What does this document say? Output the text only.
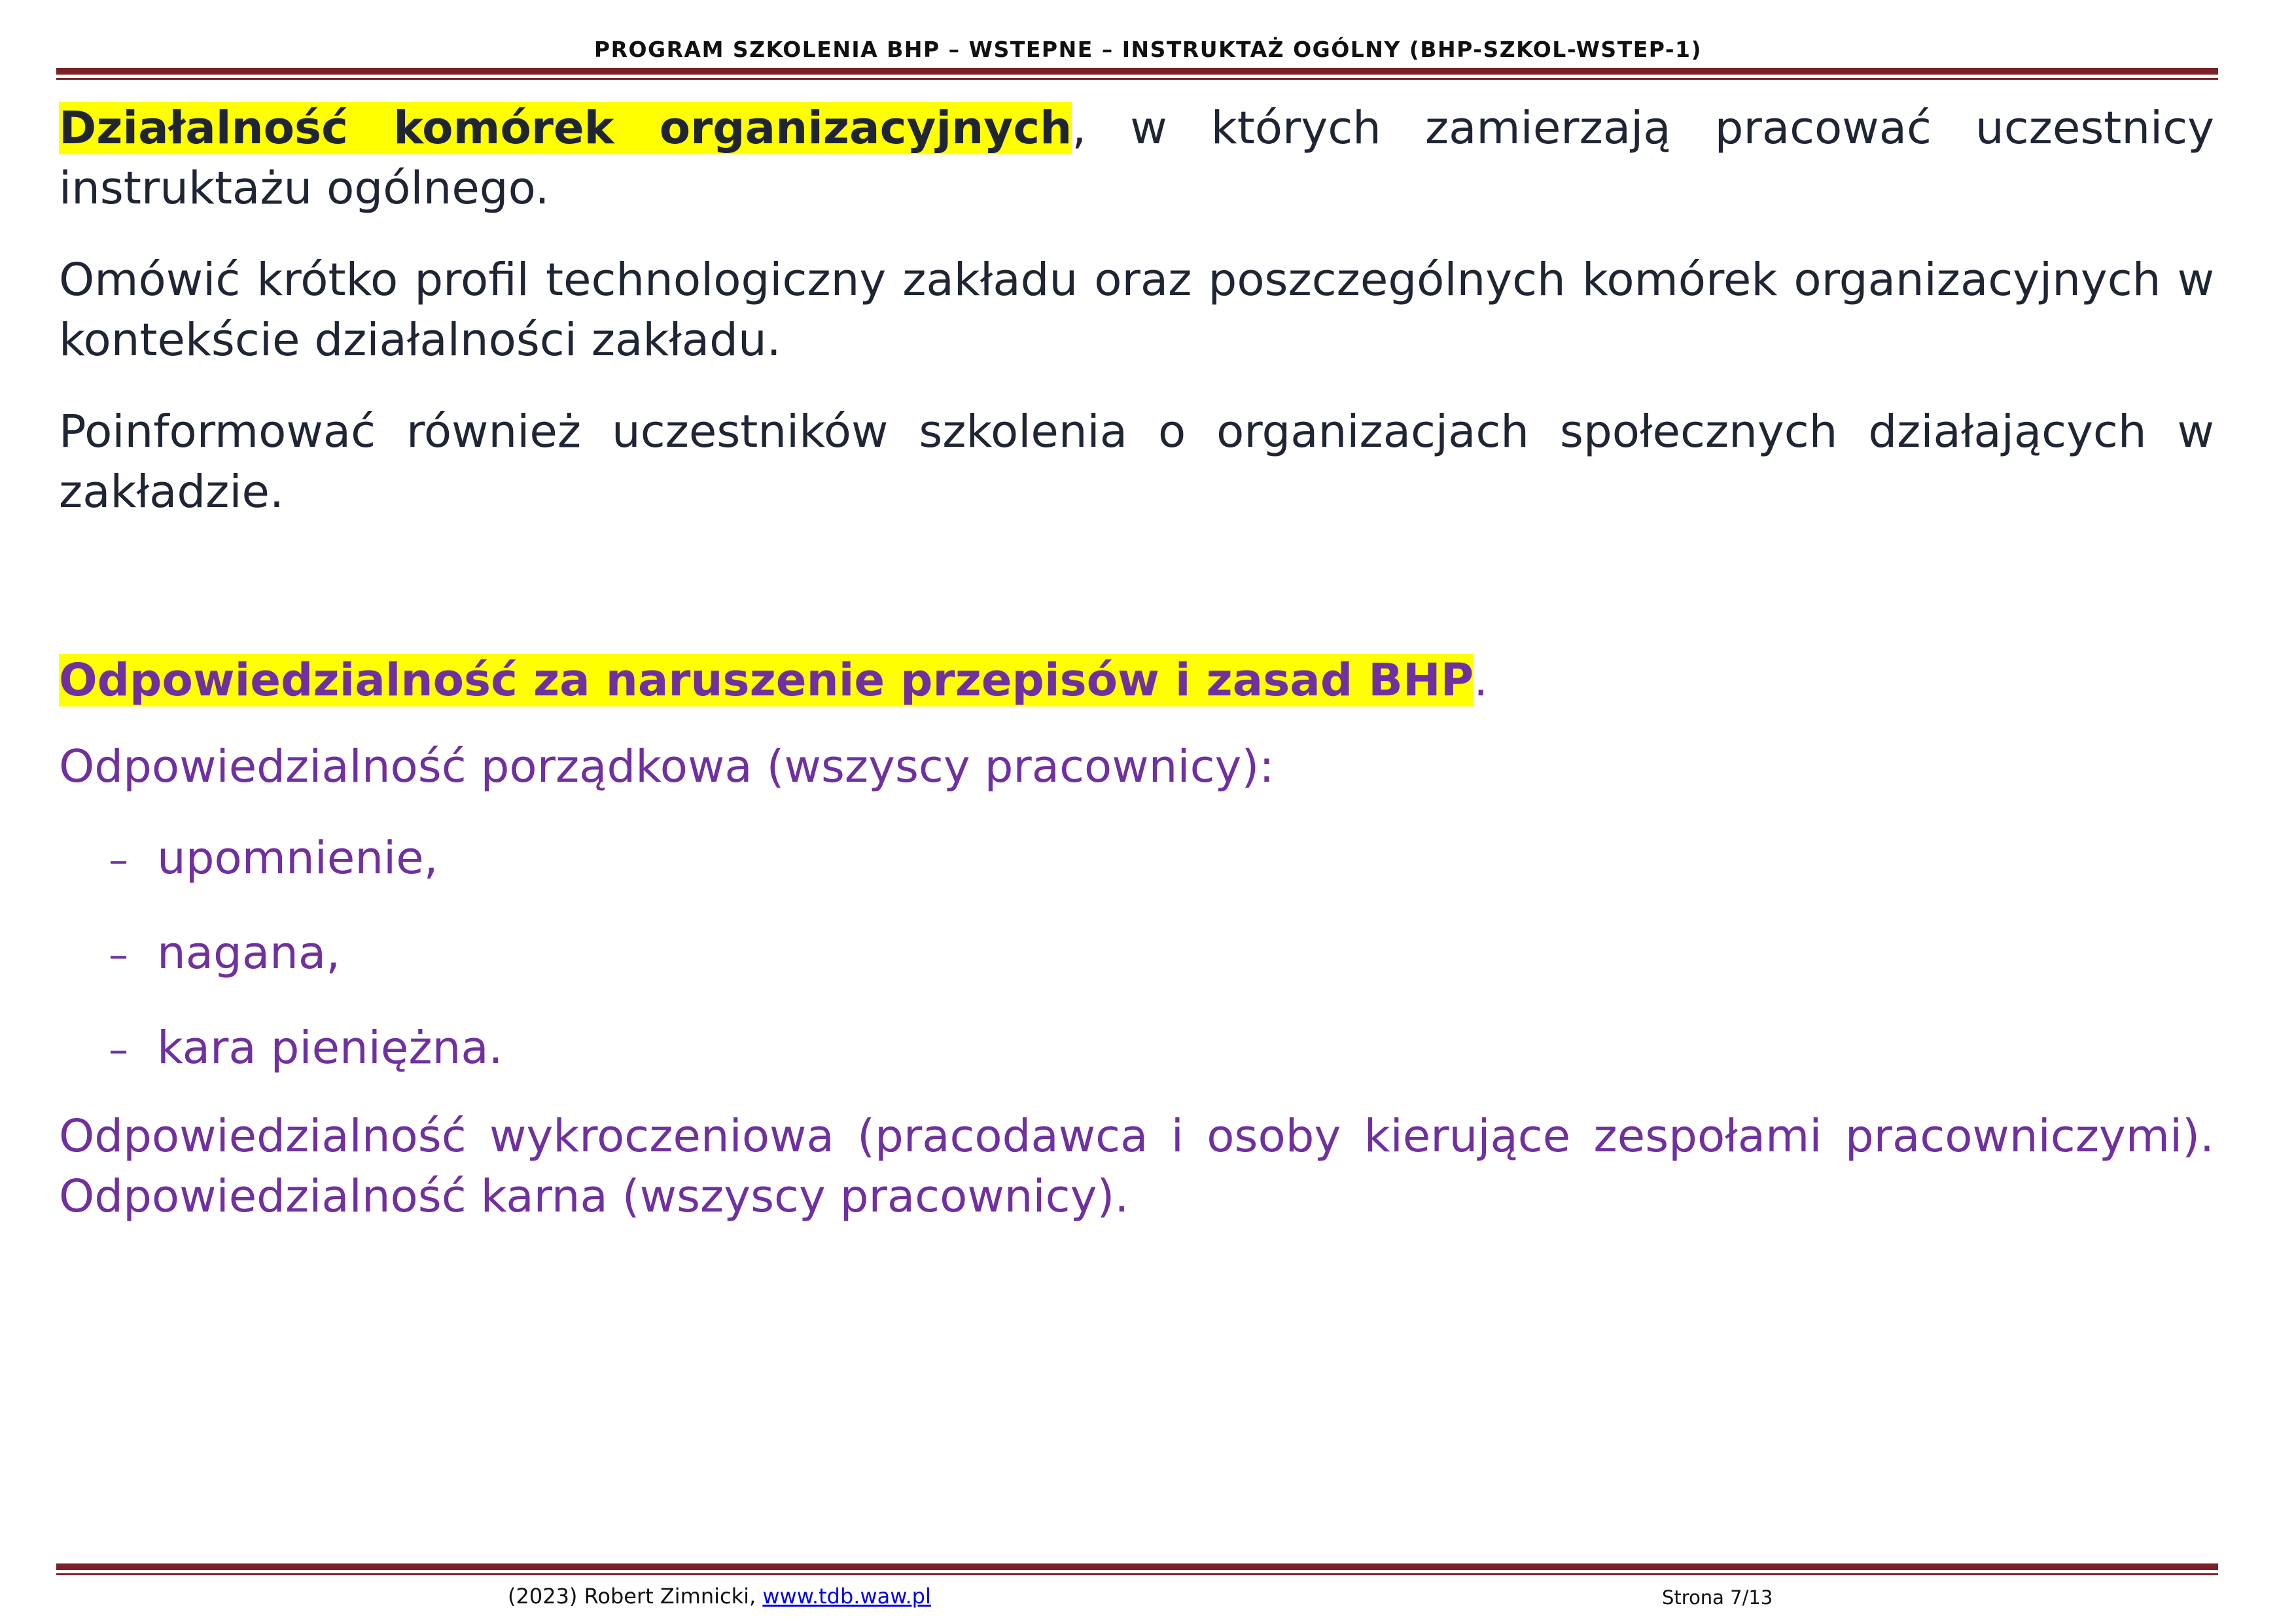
PROGRAM SZKOLENIA BHP – WSTEPNE – INSTRUKTAŻ OGÓLNY (BHP-SZKOL-WSTEP-1)

Działalność komórek organizacyjnych, w których zamierzają pracować uczestnicy instruktażu ogólnego.

Omówić krótko profil technologiczny zakładu oraz poszczególnych komórek organizacyjnych w kontekście działalności zakładu.

Poinformować również uczestników szkolenia o organizacjach społecznych działających w zakładzie.

Odpowiedzialność za naruszenie przepisów i zasad BHP.

Odpowiedzialność porządkowa (wszyscy pracownicy):

– upomnienie,
– nagana,
– kara pieniężna.

Odpowiedzialność wykroczeniowa (pracodawca i osoby kierujące zespołami pracowniczymi). Odpowiedzialność karna (wszyscy pracownicy).

(2023) Robert Zimnicki, www.tdb.waw.pl	Strona 7/13
